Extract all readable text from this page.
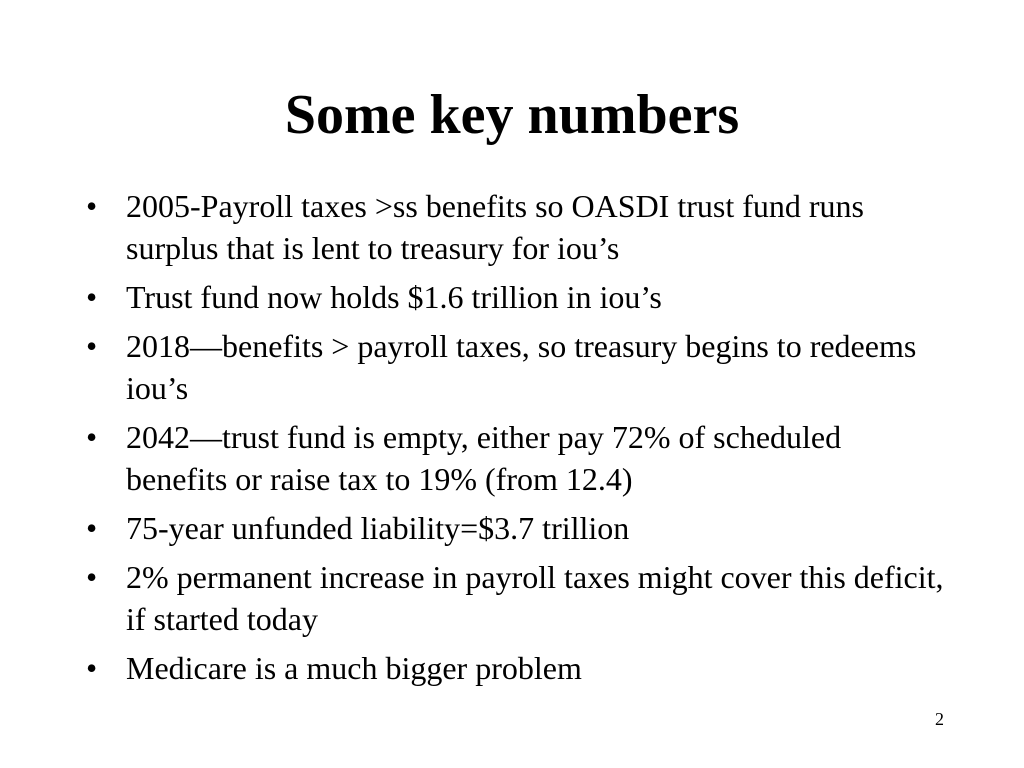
Some key numbers
• 2005-Payroll taxes >ss benefits so OASDI trust fund runs surplus that is lent to treasury for iou’s
• Trust fund now holds $1.6 trillion in iou’s
• 2018—benefits > payroll taxes, so treasury begins to redeems iou’s
• 2042—trust fund is empty, either pay 72% of scheduled benefits or raise tax to 19% (from 12.4)
• 75-year unfunded liability=$3.7 trillion
• 2% permanent increase in payroll taxes might cover this deficit, if started today
• Medicare is a much bigger problem
2
